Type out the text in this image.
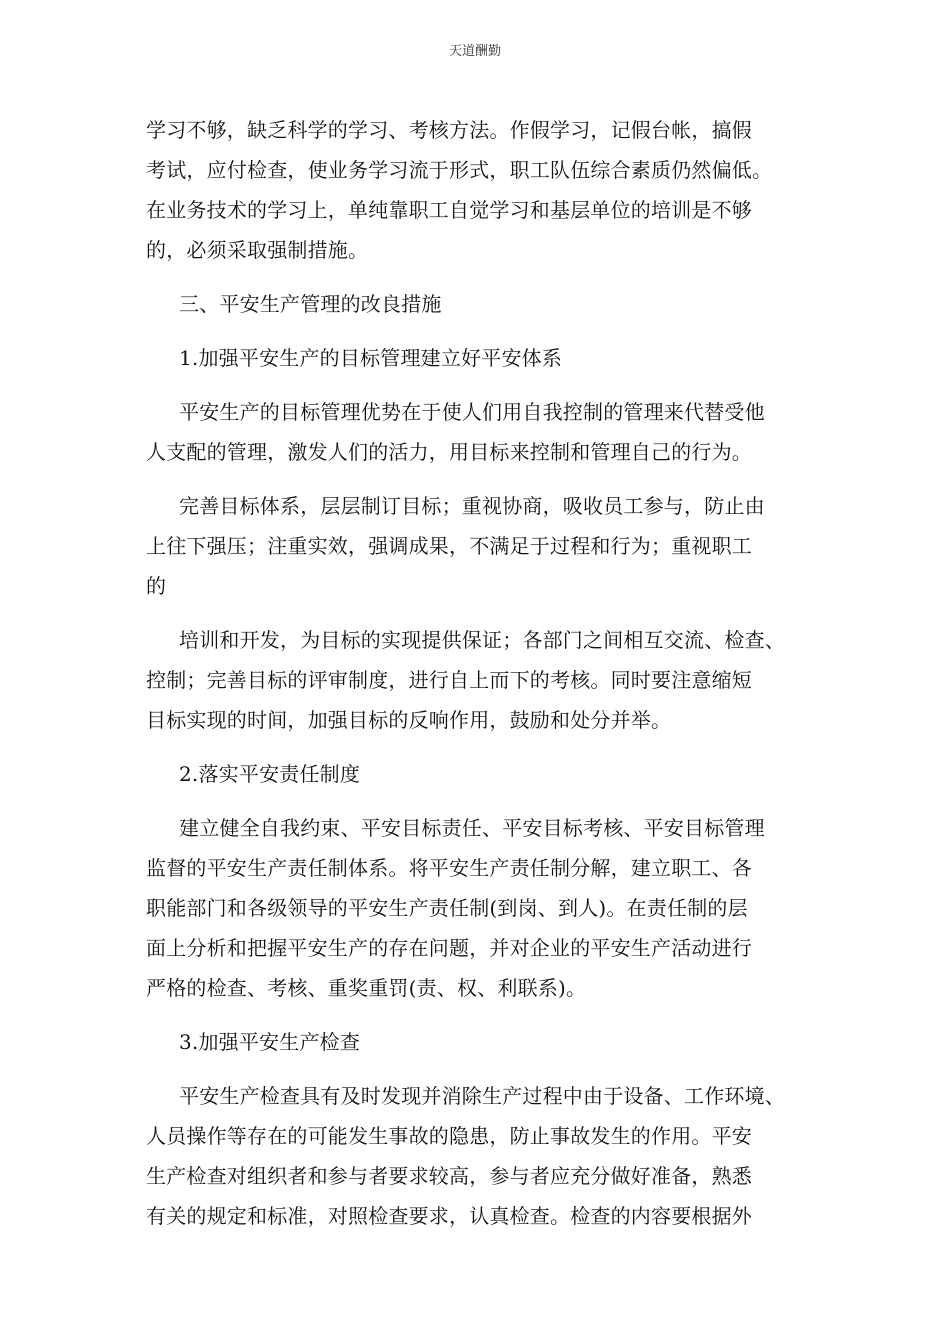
天道酬勤
学习不够，缺乏科学的学习、考核方法。作假学习，记假台帐，搞假
考试，应付检查，使业务学习流于形式，职工队伍综合素质仍然偏低。
在业务技术的学习上，单纯靠职工自觉学习和基层单位的培训是不够
的，必须采取强制措施。
三、平安生产管理的改良措施
1.加强平安生产的目标管理建立好平安体系
平安生产的目标管理优势在于使人们用自我控制的管理来代替受他
人支配的管理，激发人们的活力，用目标来控制和管理自己的行为。
完善目标体系，层层制订目标；重视协商，吸收员工参与，防止由
上往下强压；注重实效，强调成果，不满足于过程和行为；重视职工
的
培训和开发，为目标的实现提供保证；各部门之间相互交流、检查、
控制；完善目标的评审制度，进行自上而下的考核。同时要注意缩短
目标实现的时间，加强目标的反响作用，鼓励和处分并举。
2.落实平安责任制度
建立健全自我约束、平安目标责任、平安目标考核、平安目标管理
监督的平安生产责任制体系。将平安生产责任制分解，建立职工、各
职能部门和各级领导的平安生产责任制(到岗、到人)。在责任制的层
面上分析和把握平安生产的存在问题，并对企业的平安生产活动进行
严格的检查、考核、重奖重罚(责、权、利联系)。
3.加强平安生产检查
平安生产检查具有及时发现并消除生产过程中由于设备、工作环境、
人员操作等存在的可能发生事故的隐患，防止事故发生的作用。平安
生产检查对组织者和参与者要求较高，参与者应充分做好准备，熟悉
有关的规定和标准，对照检查要求，认真检查。检查的内容要根据外
